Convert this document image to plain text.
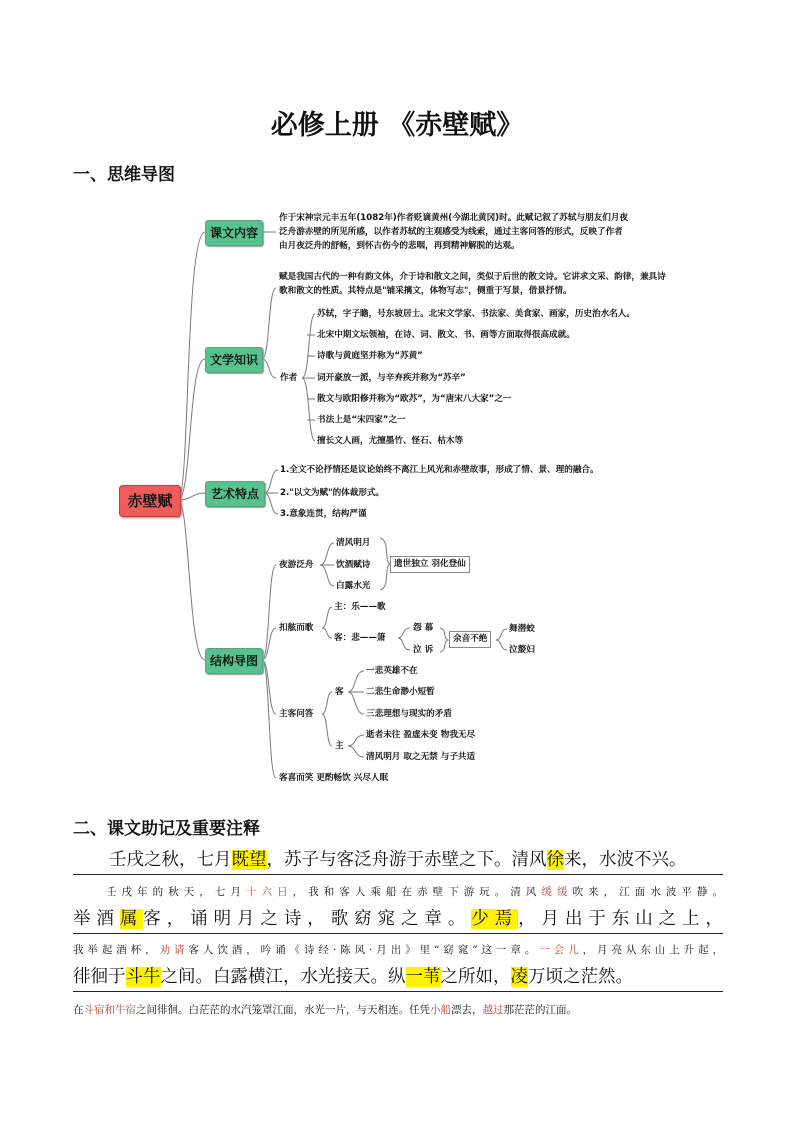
必修上册 《赤壁赋》
一、思维导图
二、课文助记及重要注释
赤壁赋
课文内容
文学知识
艺术特点
结构导图
作于宋神宗元丰五年(1082年)作者贬谪黄州(今湖北黄冈)时。此赋记叙了苏轼与朋友们月夜泛舟游赤壁的所见所感，以作者苏轼的主观感受为线索，通过主客问答的形式，反映了作者由月夜泛舟的舒畅，到怀古伤今的悲咽，再到精神解脱的达观。
赋是我国古代的一种有韵文体，介于诗和散文之间，类似于后世的散文诗。它讲求文采、韵律，兼具诗歌和散文的性质。其特点是"铺采摛文，体物写志"，侧重于写景，借景抒情。
作者
苏轼，字子瞻，号东坡居士。北宋文学家、书法家、美食家、画家，历史治水名人。
北宋中期文坛领袖，在诗、词、散文、书、画等方面取得很高成就。
诗歌与黄庭坚并称为“苏黄”
词开豪放一派，与辛弃疾并称为“苏辛”
散文与欧阳修并称为“欧苏”，为“唐宋八大家”之一
书法上是“宋四家”之一
擅长文人画，尤擅墨竹、怪石、枯木等
1.全文不论抒情还是议论始终不离江上风光和赤壁故事，形成了情、景、理的融合。
2."以文为赋"的体裁形式。
3.意象连贯，结构严谨
夜游泛舟
清风明月
饮酒赋诗
白露水光
遗世独立 羽化登仙
扣舷而歌
主：乐——歌
客：悲——箫
怨 慕
泣 诉
余音不绝
舞潜蛟
泣嫠妇
主客问答
客
一悲英雄不在
二悲生命渺小短暂
三悲理想与现实的矛盾
主
逝者未往 盈虚未变 物我无尽
清风明月 取之无禁 与子共适
客喜而笑 更酌畅饮 兴尽人眠
壬戌之秋，七月既望，苏子与客泛舟游于赤壁之下。清风徐来，水波不兴。
壬戌年的秋天，七月十六日，我和客人乘船在赤壁下游玩。清风缓缓吹来，江面水波平静。
举酒属客，诵明月之诗，歌窈窕之章。少焉，月出于东山之上，
我举起酒杯，劝请客人饮酒，吟诵《诗经·陈风·月出》里“窈窕”这一章。一会儿，月亮从东山上升起，
徘徊于斗牛之间。白露横江，水光接天。纵一苇之所如，凌万顷之茫然。
在斗宿和牛宿之间徘徊。白茫茫的水汽笼罩江面，水光一片，与天相连。任凭小船漂去，越过那茫茫的江面。
